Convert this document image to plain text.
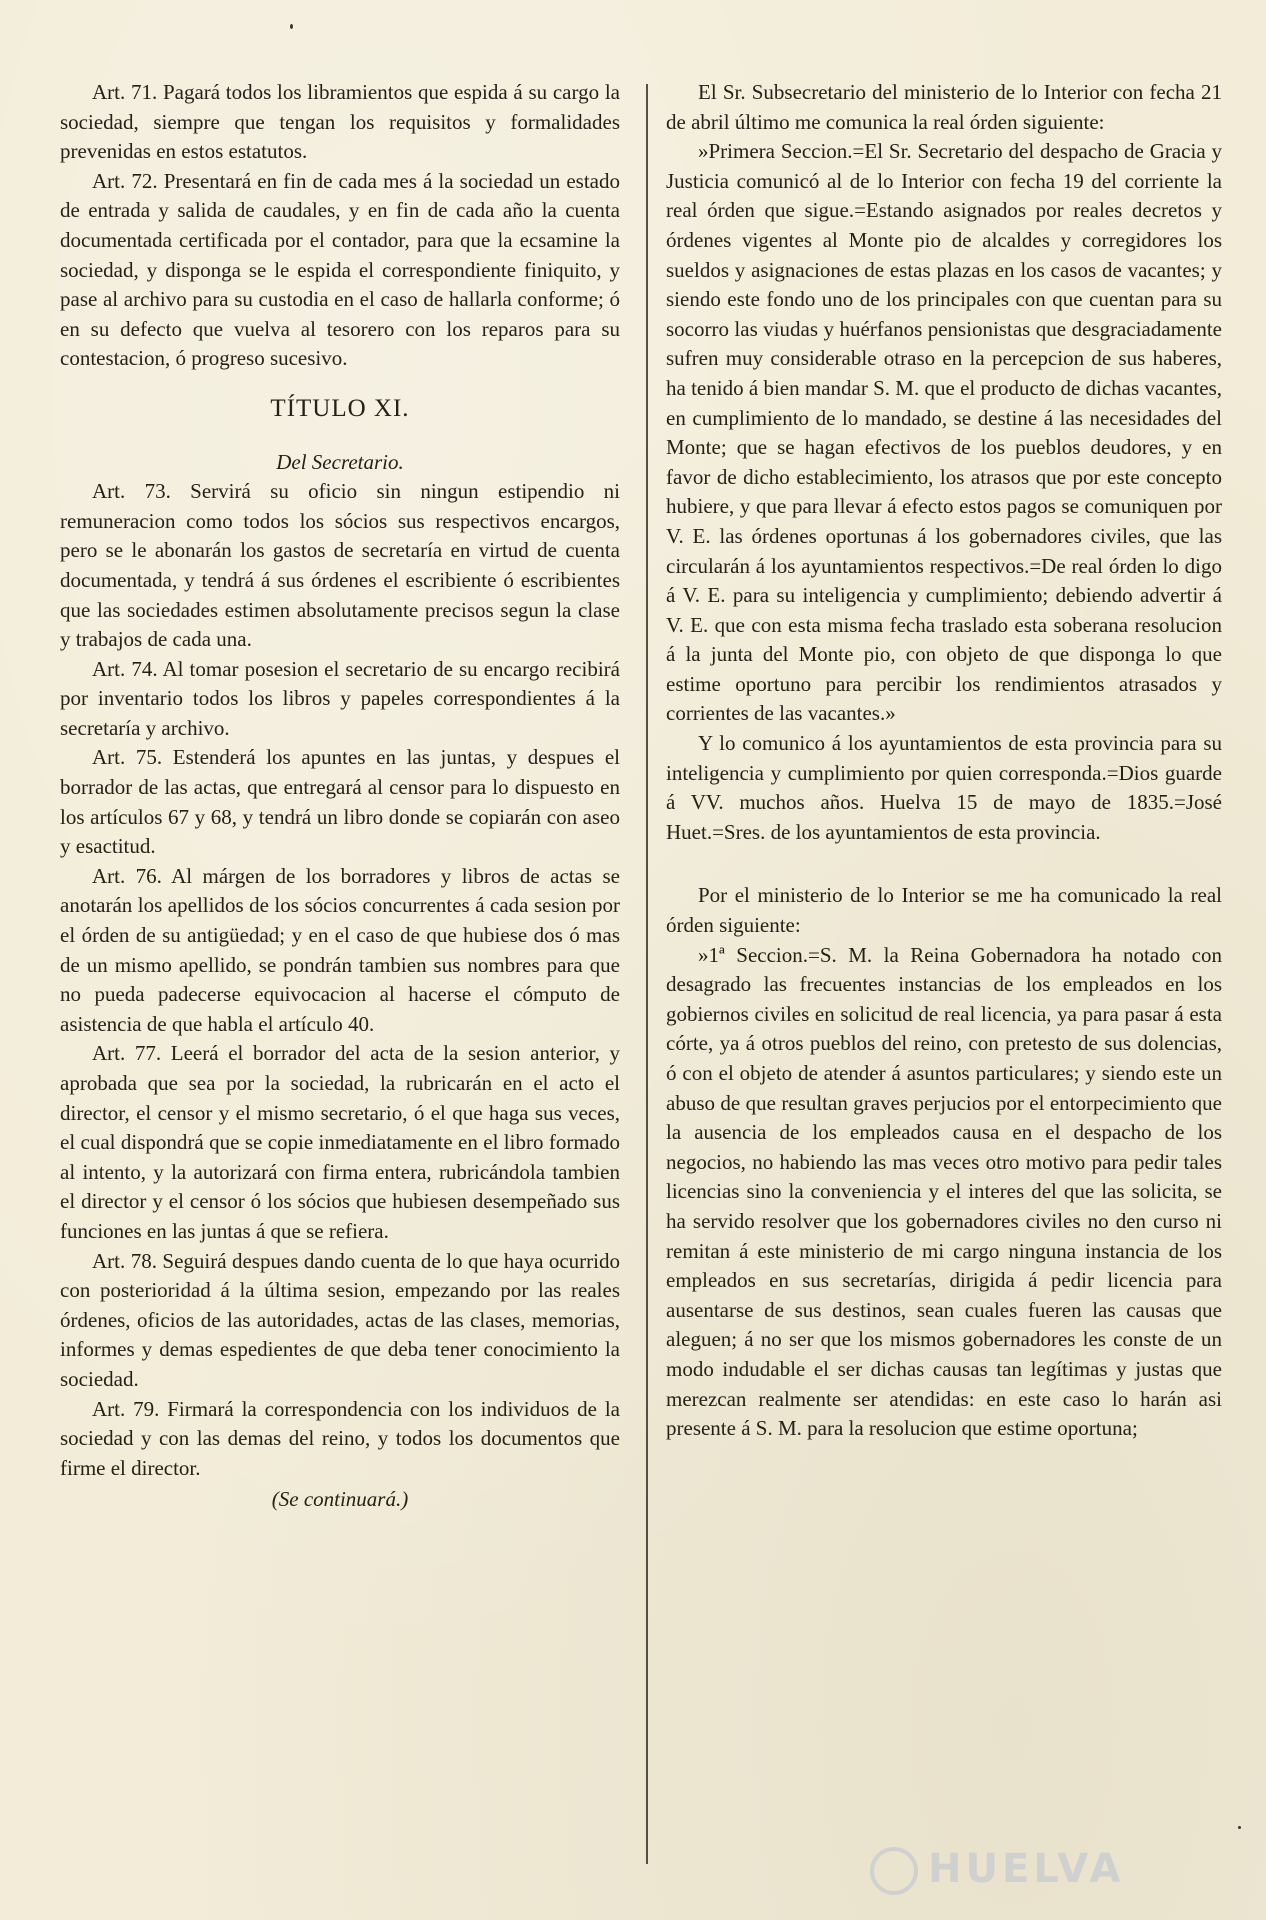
Art. 71. Pagará todos los libramientos que espida á su cargo la sociedad, siempre que tengan los requisitos y formalidades prevenidas en estos estatutos.

Art. 72. Presentará en fin de cada mes á la sociedad un estado de entrada y salida de caudales, y en fin de cada año la cuenta documentada certificada por el contador, para que la ecsamine la sociedad, y disponga se le espida el correspondiente finiquito, y pase al archivo para su custodia en el caso de hallarla conforme; ó en su defecto que vuelva al tesorero con los reparos para su contestacion, ó progreso sucesivo.

TÍTULO XI.

Del Secretario.

Art. 73. Servirá su oficio sin ningun estipendio ni remuneracion como todos los sócios sus respectivos encargos, pero se le abonarán los gastos de secretaría en virtud de cuenta documentada, y tendrá á sus órdenes el escribiente ó escribientes que las sociedades estimen absolutamente precisos segun la clase y trabajos de cada una.

Art. 74. Al tomar posesion el secretario de su encargo recibirá por inventario todos los libros y papeles correspondientes á la secretaría y archivo.

Art. 75. Estenderá los apuntes en las juntas, y despues el borrador de las actas, que entregará al censor para lo dispuesto en los artículos 67 y 68, y tendrá un libro donde se copiarán con aseo y esactitud.

Art. 76. Al márgen de los borradores y libros de actas se anotarán los apellidos de los sócios concurrentes á cada sesion por el órden de su antigüedad; y en el caso de que hubiese dos ó mas de un mismo apellido, se pondrán tambien sus nombres para que no pueda padecerse equivocacion al hacerse el cómputo de asistencia de que habla el artículo 40.

Art. 77. Leerá el borrador del acta de la sesion anterior, y aprobada que sea por la sociedad, la rubricarán en el acto el director, el censor y el mismo secretario, ó el que haga sus veces, el cual dispondrá que se copie inmediatamente en el libro formado al intento, y la autorizará con firma entera, rubricándola tambien el director y el censor ó los sócios que hubiesen desempeñado sus funciones en las juntas á que se refiera.

Art. 78. Seguirá despues dando cuenta de lo que haya ocurrido con posterioridad á la última sesion, empezando por las reales órdenes, oficios de las autoridades, actas de las clases, memorias, informes y demas espedientes de que deba tener conocimiento la sociedad.

Art. 79. Firmará la correspondencia con los individuos de la sociedad y con las demas del reino, y todos los documentos que firme el director.

(Se continuará.)

El Sr. Subsecretario del ministerio de lo Interior con fecha 21 de abril último me comunica la real órden siguiente:

»Primera Seccion.=El Sr. Secretario del despacho de Gracia y Justicia comunicó al de lo Interior con fecha 19 del corriente la real órden que sigue.=Estando asignados por reales decretos y órdenes vigentes al Monte pio de alcaldes y corregidores los sueldos y asignaciones de estas plazas en los casos de vacantes; y siendo este fondo uno de los principales con que cuentan para su socorro las viudas y huérfanos pensionistas que desgraciadamente sufren muy considerable otraso en la percepcion de sus haberes, ha tenido á bien mandar S. M. que el producto de dichas vacantes, en cumplimiento de lo mandado, se destine á las necesidades del Monte; que se hagan efectivos de los pueblos deudores, y en favor de dicho establecimiento, los atrasos que por este concepto hubiere, y que para llevar á efecto estos pagos se comuniquen por V. E. las órdenes oportunas á los gobernadores civiles, que las circularán á los ayuntamientos respectivos.=De real órden lo digo á V. E. para su inteligencia y cumplimiento; debiendo advertir á V. E. que con esta misma fecha traslado esta soberana resolucion á la junta del Monte pio, con objeto de que disponga lo que estime oportuno para percibir los rendimientos atrasados y corrientes de las vacantes.»

Y lo comunico á los ayuntamientos de esta provincia para su inteligencia y cumplimiento por quien corresponda.=Dios guarde á VV. muchos años. Huelva 15 de mayo de 1835.=José Huet.=Sres. de los ayuntamientos de esta provincia.

Por el ministerio de lo Interior se me ha comunicado la real órden siguiente:

»1ª Seccion.=S. M. la Reina Gobernadora ha notado con desagrado las frecuentes instancias de los empleados en los gobiernos civiles en solicitud de real licencia, ya para pasar á esta córte, ya á otros pueblos del reino, con pretesto de sus dolencias, ó con el objeto de atender á asuntos particulares; y siendo este un abuso de que resultan graves perjucios por el entorpecimiento que la ausencia de los empleados causa en el despacho de los negocios, no habiendo las mas veces otro motivo para pedir tales licencias sino la conveniencia y el interes del que las solicita, se ha servido resolver que los gobernadores civiles no den curso ni remitan á este ministerio de mi cargo ninguna instancia de los empleados en sus secretarías, dirigida á pedir licencia para ausentarse de sus destinos, sean cuales fueren las causas que aleguen; á no ser que los mismos gobernadores les conste de un modo indudable el ser dichas causas tan legítimas y justas que merezcan realmente ser atendidas: en este caso lo harán asi presente á S. M. para la resolucion que estime oportuna;

HUELVA
